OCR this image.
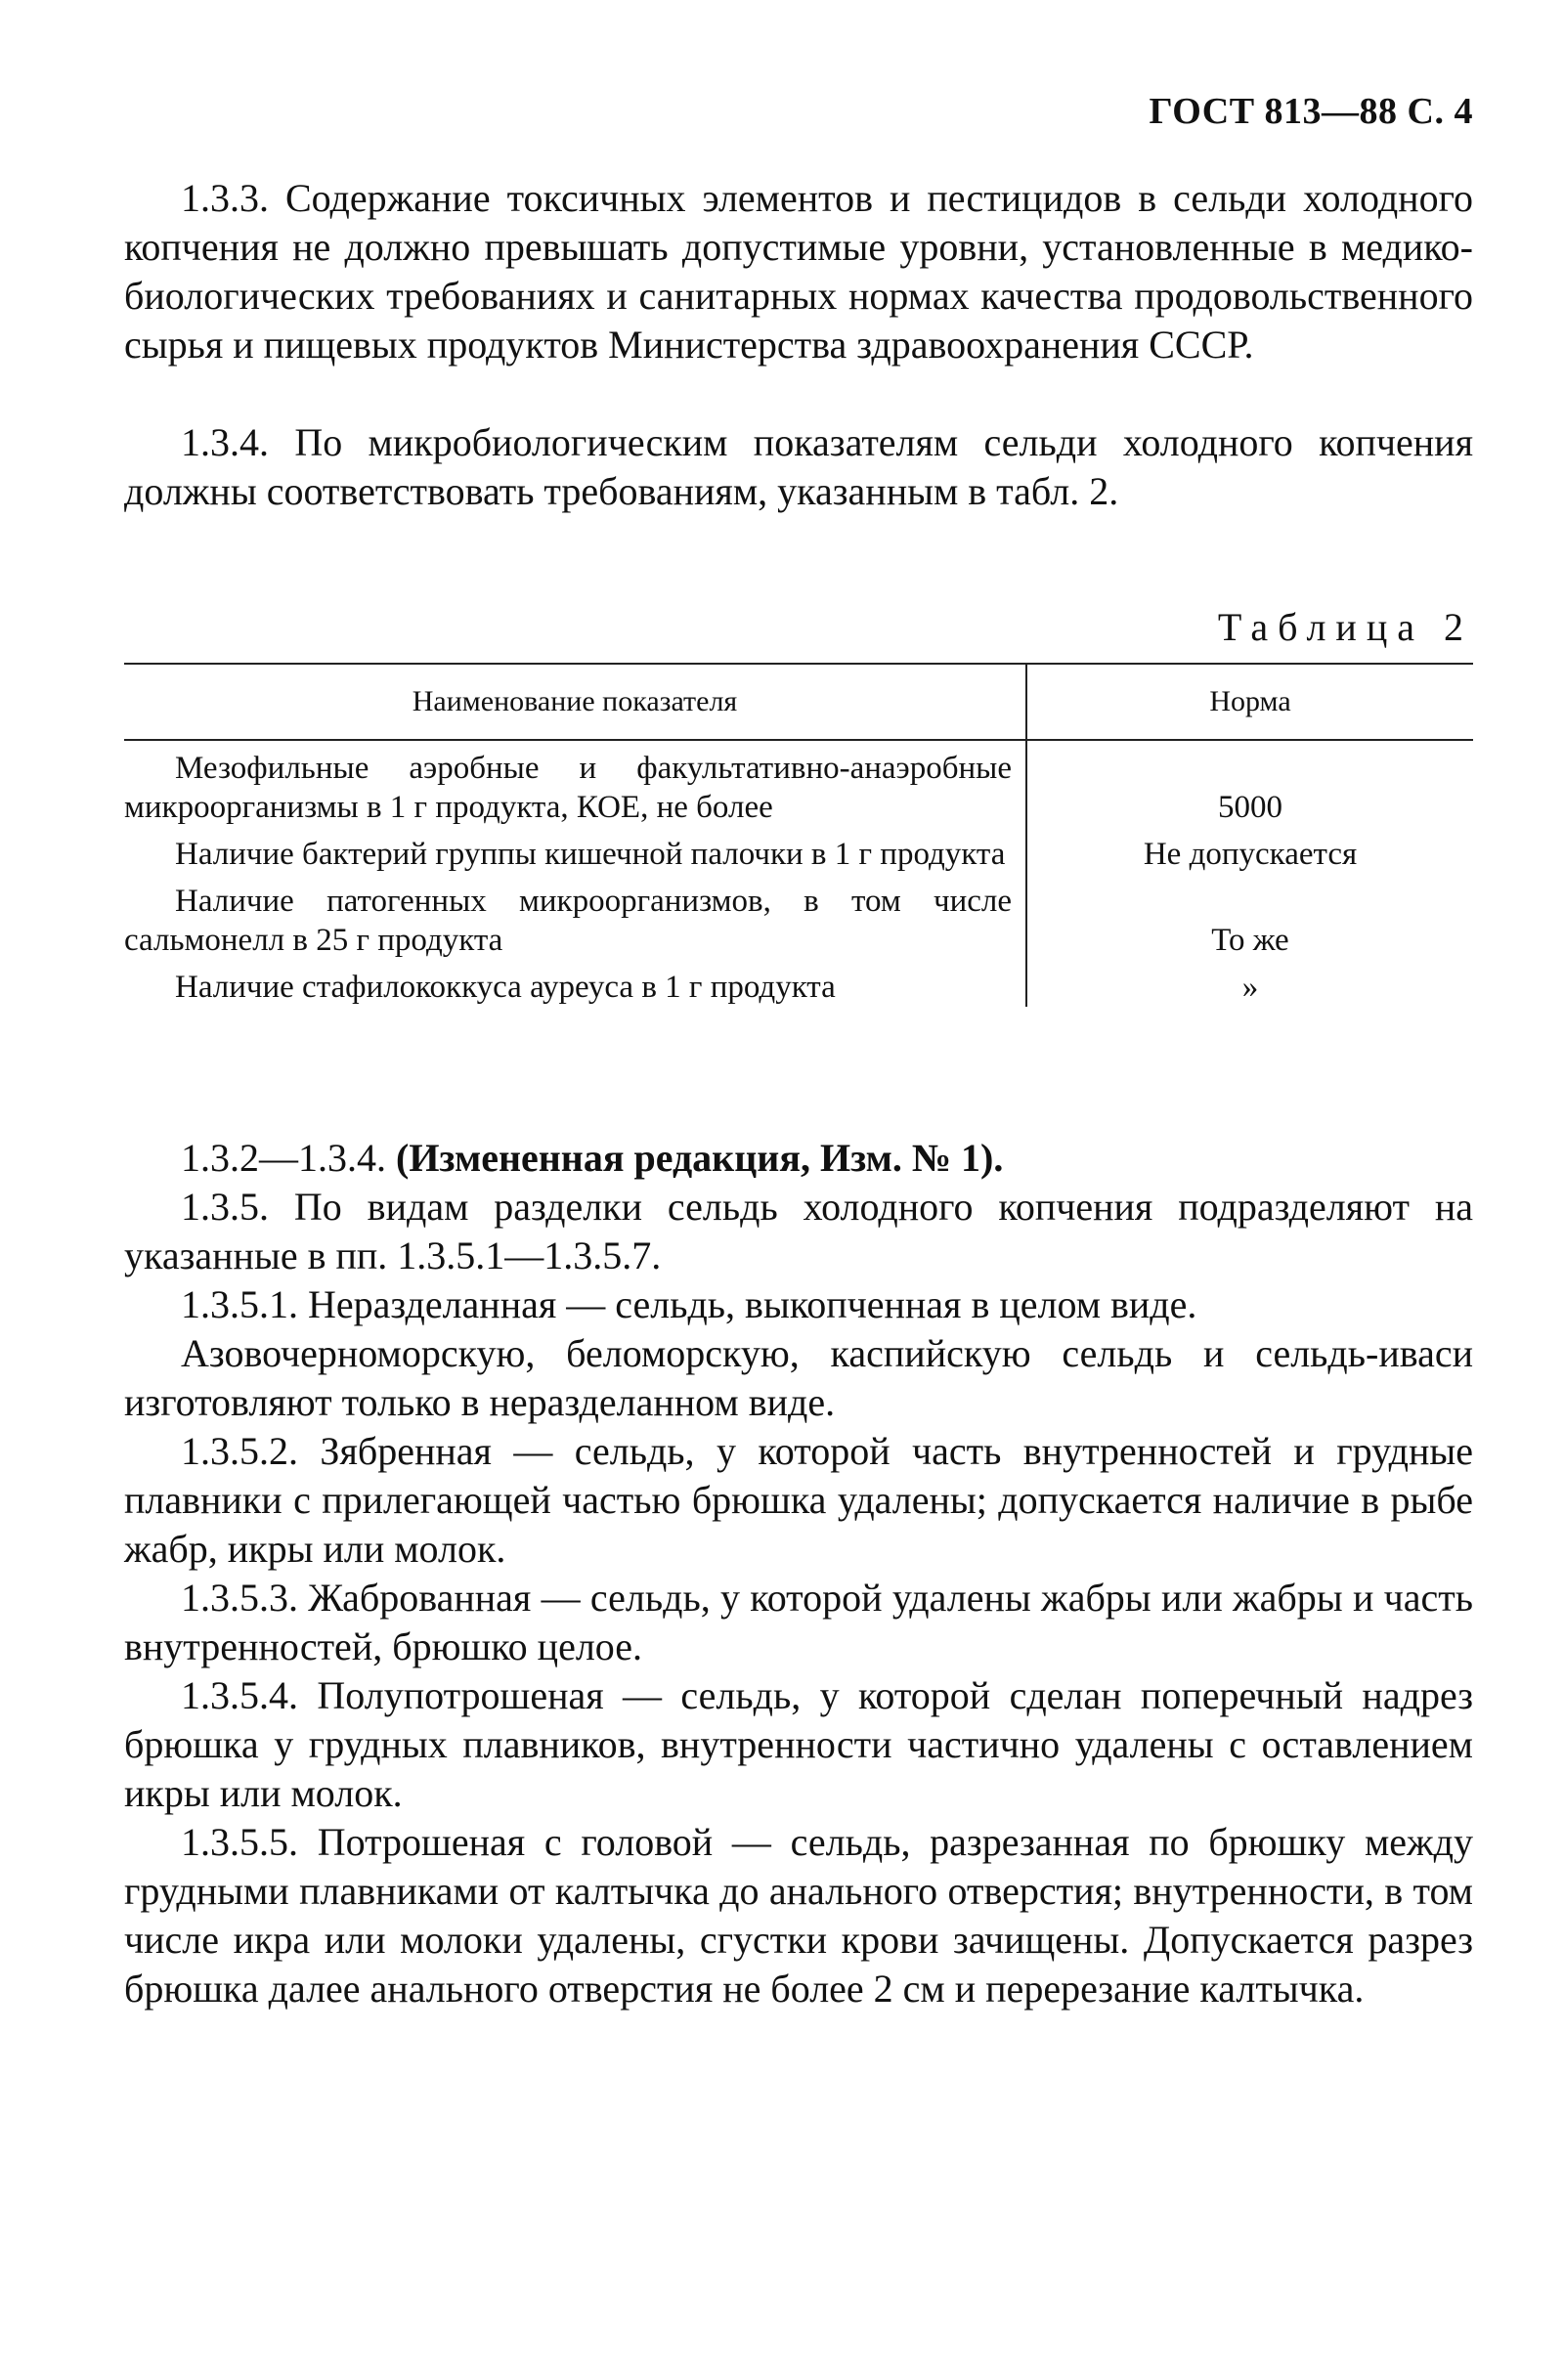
ГОСТ 813—88 С. 4

1.3.3. Содержание токсичных элементов и пестицидов в сельди холодного копчения не должно превышать допустимые уровни, установленные в медико-биологических требованиях и санитарных нормах качества продовольственного сырья и пищевых продуктов Министерства здравоохранения СССР.

1.3.4. По микробиологическим показателям сельди холодного копчения должны соответствовать требованиям, указанным в табл. 2.

Таблица 2
Наименование показателя	Норма
Мезофильные аэробные и факультативно-анаэробные микроорганизмы в 1 г продукта, КОЕ, не более	5000
Наличие бактерий группы кишечной палочки в 1 г продукта	Не допускается
Наличие патогенных микроорганизмов, в том числе сальмонелл в 25 г продукта	То же
Наличие стафилококкуса ауреуса в 1 г продукта	»

1.3.2—1.3.4. (Измененная редакция, Изм. № 1).

1.3.5. По видам разделки сельдь холодного копчения подразделяют на указанные в пп. 1.3.5.1—1.3.5.7.

1.3.5.1. Неразделанная — сельдь, выкопченная в целом виде.

Азовочерноморскую, беломорскую, каспийскую сельдь и сельдь-иваси изготовляют только в неразделанном виде.

1.3.5.2. Зябренная — сельдь, у которой часть внутренностей и грудные плавники с прилегающей частью брюшка удалены; допускается наличие в рыбе жабр, икры или молок.

1.3.5.3. Жаброванная — сельдь, у которой удалены жабры или жабры и часть внутренностей, брюшко целое.

1.3.5.4. Полупотрошеная — сельдь, у которой сделан поперечный надрез брюшка у грудных плавников, внутренности частично удалены с оставлением икры или молок.

1.3.5.5. Потрошеная с головой — сельдь, разрезанная по брюшку между грудными плавниками от калтычка до анального отверстия; внутренности, в том числе икра или молоки удалены, сгустки крови зачищены. Допускается разрез брюшка далее анального отверстия не более 2 см и перерезание калтычка.
